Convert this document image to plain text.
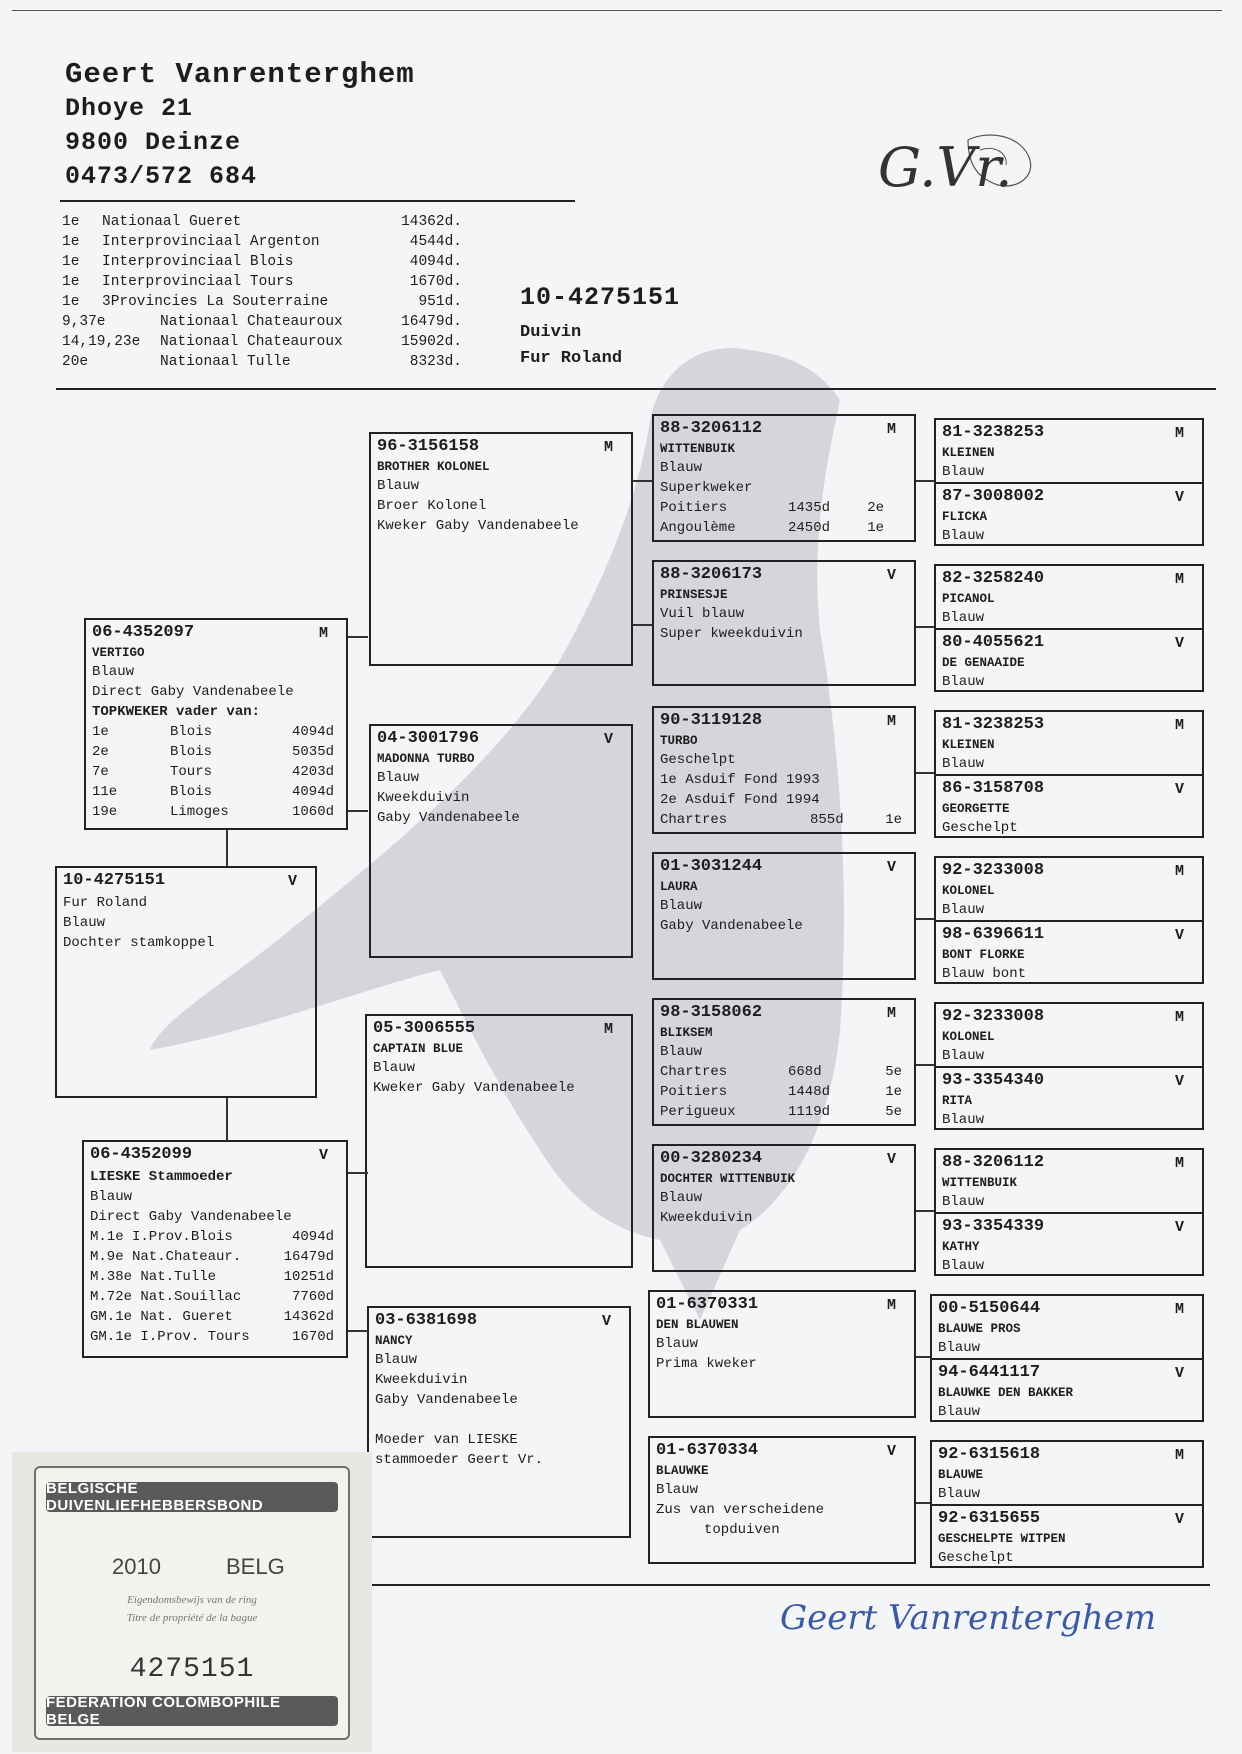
Geert Vanrenterghem
Dhoye 21
9800 Deinze
0473/572 684	G.Vr.
1e Nationaal Gueret	14362d.
1e Interprovinciaal Argenton	4544d.
1e Interprovinciaal Blois	4094d.
1e Interprovinciaal Tours	1670d.
1e 3Provincies La Souterraine	951d.
9,37e	Nationaal Chateauroux	16479d.
14,19,23e Nationaal Chateauroux	15902d.
20e	Nationaal Tulle	8323d.
10-4275151
Duivin
Fur Roland
10-4275151	V
Fur Roland
Blauw
Dochter stamkoppel
06-4352097	M
VERTIGO
Blauw
Direct Gaby Vandenabeele
TOPKWEKER vader van:
1e	Blois	4094d
2e	Blois	5035d
7e	Tours	4203d
11e	Blois	4094d
19e	Limoges	1060d
06-4352099	V
LIESKE Stammoeder
Blauw
Direct Gaby Vandenabeele
M.1e I.Prov.Blois	4094d
M.9e Nat.Chateaur.	16479d
M.38e Nat.Tulle	10251d
M.72e Nat.Souillac	7760d
GM.1e Nat. Gueret	14362d
GM.1e I.Prov. Tours	1670d
96-3156158	M
BROTHER KOLONEL
Blauw
Broer Kolonel
Kweker Gaby Vandenabeele
04-3001796	V
MADONNA TURBO
Blauw
Kweekduivin
Gaby Vandenabeele
05-3006555	M
CAPTAIN BLUE
Blauw
Kweker Gaby Vandenabeele
03-6381698	V
NANCY
Blauw
Kweekduivin
Gaby Vandenabeele
Moeder van LIESKE
stammoeder Geert Vr.
88-3206112	M
WITTENBUIK
Blauw
Superkweker
Poitiers	1435d	2e
Angoulème	2450d	1e
88-3206173	V
PRINSESJE
Vuil blauw
Super kweekduivin
90-3119128	M
TURBO
Geschelpt
1e Asduif Fond 1993
2e Asduif Fond 1994
Chartres	855d	1e
01-3031244	V
LAURA
Blauw
Gaby Vandenabeele
98-3158062	M
BLIKSEM
Blauw
Chartres	668d	5e
Poitiers	1448d	1e
Perigueux	1119d	5e
00-3280234	V
DOCHTER WITTENBUIK
Blauw
Kweekduivin
01-6370331	M
DEN BLAUWEN
Blauw
Prima kweker
01-6370334	V
BLAUWKE
Blauw
Zus van verscheidene
topduiven
81-3238253	M
KLEINEN
Blauw
87-3008002	V
FLICKA
Blauw
82-3258240	M
PICANOL
Blauw
80-4055621	V
DE GENAAIDE
Blauw
81-3238253	M
KLEINEN
Blauw
86-3158708	V
GEORGETTE
Geschelpt
92-3233008	M
KOLONEL
Blauw
98-6396611	V
BONT FLORKE
Blauw bont
92-3233008	M
KOLONEL
Blauw
93-3354340	V
RITA
Blauw
88-3206112	M
WITTENBUIK
Blauw
93-3354339	V
KATHY
Blauw
00-5150644	M
BLAUWE PROS
Blauw
94-6441117	V
BLAUWKE DEN BAKKER
Blauw
92-6315618	M
BLAUWE
Blauw
92-6315655	V
GESCHELPTE WITPEN
Geschelpt
BELGISCHE DUIVENLIEFHEBBERSBOND
2010	BELG
Eigendomsbewijs van de ring
Titre de propriété de la bague
4275151
FEDERATION COLOMBOPHILE BELGE
Geert Vanrenterghem
